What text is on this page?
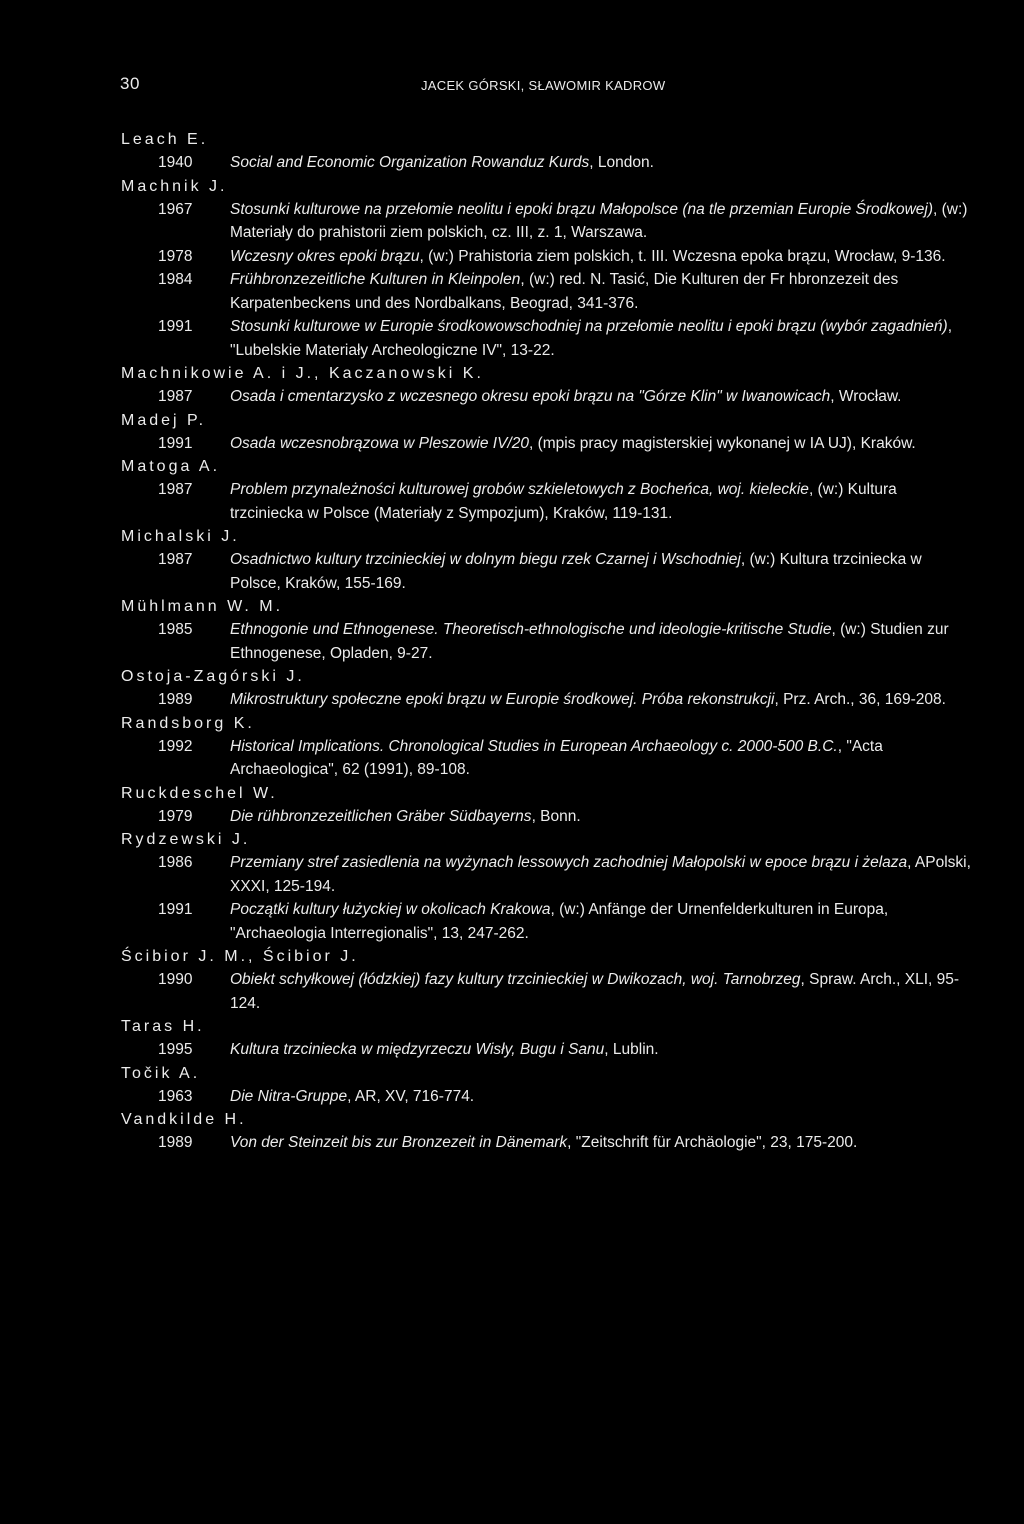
30	JACEK GÓRSKI, SŁAWOMIR KADROW
Leach E.
1940 Social and Economic Organization Rowanduz Kurds, London.
Machnik J.
1967 Stosunki kulturowe na przełomie neolitu i epoki brązu Małopolsce (na tle przemian Europie Środkowej), (w:) Materiały do prahistorii ziem polskich, cz. III, z. 1, Warszawa.
1978 Wczesny okres epoki brązu, (w:) Prahistoria ziem polskich, t. III. Wczesna epoka brązu, Wrocław, 9-136.
1984 Frühbronzezeitliche Kulturen in Kleinpolen, (w:) red. N. Tasić, Die Kulturen der Fr hbronzezeit des Karpatenbeckens und des Nordbalkans, Beograd, 341-376.
1991 Stosunki kulturowe w Europie środkowowschodniej na przełomie neolitu i epoki brązu (wybór zagadnień), "Lubelskie Materiały Archeologiczne IV", 13-22.
Machnikowie A. i J., Kaczanowski K.
1987 Osada i cmentarzysko z wczesnego okresu epoki brązu na "Górze Klin" w Iwanowicach, Wrocław.
Madej P.
1991 Osada wczesnobrązowa w Pleszowie IV/20, (mpis pracy magisterskiej wykonanej w IA UJ), Kraków.
Matoga A.
1987 Problem przynależności kulturowej grobów szkieletowych z Bocheńca, woj. kieleckie, (w:) Kultura trzciniecka w Polsce (Materiały z Sympozjum), Kraków, 119-131.
Michalski J.
1987 Osadnictwo kultury trzcinieckiej w dolnym biegu rzek Czarnej i Wschodniej, (w:) Kultura trzciniecka w Polsce, Kraków, 155-169.
Mühlmann W. M.
1985 Ethnogonie und Ethnogenese. Theoretisch-ethnologische und ideologie-kritische Studie, (w:) Studien zur Ethnogenese, Opladen, 9-27.
Ostoja-Zagórski J.
1989 Mikrostruktury społeczne epoki brązu w Europie środkowej. Próba rekonstrukcji, Prz. Arch., 36, 169-208.
Randsborg K.
1992 Historical Implications. Chronological Studies in European Archaeology c. 2000-500 B.C., "Acta Archaeologica", 62 (1991), 89-108.
Ruckdeschel W.
1979 Die rühbronzezeitlichen Gräber Südbayerns, Bonn.
Rydzewski J.
1986 Przemiany stref zasiedlenia na wyżynach lessowych zachodniej Małopolski w epoce brązu i żelaza, APolski, XXXI, 125-194.
1991 Początki kultury łużyckiej w okolicach Krakowa, (w:) Anfänge der Urnenfelderkulturen in Europa, "Archaeologia Interregionalis", 13, 247-262.
Ścibior J. M., Ścibior J.
1990 Obiekt schyłkowej (łódzkiej) fazy kultury trzcinieckiej w Dwikozach, woj. Tarnobrzeg, Spraw. Arch., XLI, 95-124.
Taras H.
1995 Kultura trzciniecka w międzyrzeczu Wisły, Bugu i Sanu, Lublin.
Točik A.
1963 Die Nitra-Gruppe, AR, XV, 716-774.
Vandkilde H.
1989 Von der Steinzeit bis zur Bronzezeit in Dänemark, "Zeitschrift für Archäologie", 23, 175-200.
